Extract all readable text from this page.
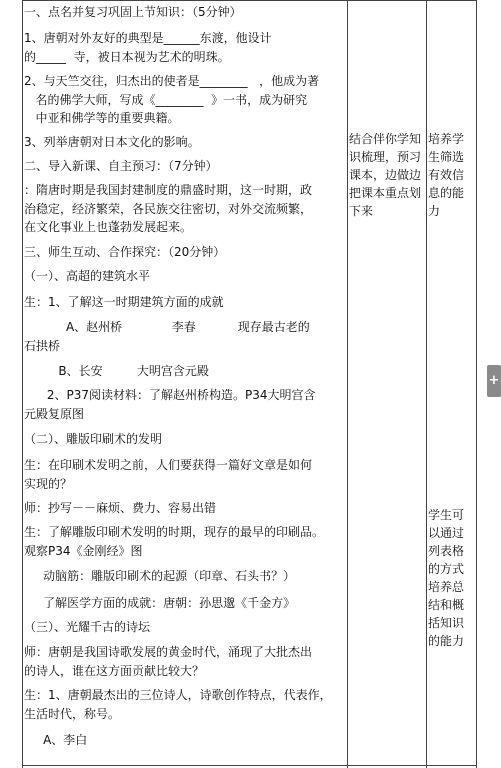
一、点名并复习巩固上节知识：（5分钟）
1、唐朝对外友好的典型是______东渡，他设计
的_____  寺，被日本视为艺术的明珠。
2、与天竺交往，归杰出的使者是________   ，他成为著
名的佛学大师，写成《________  》一书，成为研究
中亚和佛学等的重要典籍。
3、列举唐朝对日本文化的影响。
二、导入新课、自主预习：（7分钟）
：隋唐时期是我国封建制度的鼎盛时期，这一时期，政
治稳定，经济繁荣，各民族交往密切，对外交流频繁，
在文化事业上也蓬勃发展起来。
三、师生互动、合作探究：（20分钟）
（一）、高超的建筑水平
生：1、了解这一时期建筑方面的成就
A、赵州桥             李春           现存最古老的
石拱桥
B、长安         大明宫含元殿
2、P37阅读材料：了解赵州桥构造。P34大明宫含
元殿复原图
（二）、雕版印刷术的发明
生：在印刷术发明之前，人们要获得一篇好文章是如何
实现的？
师：抄写－－麻烦、费力、容易出错
生：了解雕版印刷术发明的时期，现存的最早的印刷品。
观察P34《金刚经》图
动脑筋：雕版印刷术的起源（印章、石头书？）
了解医学方面的成就：唐朝：孙思邈《千金方》
（三）、光耀千古的诗坛
师：唐朝是我国诗歌发展的黄金时代，涌现了大批杰出
的诗人，谁在这方面贡献比较大？
生：1、唐朝最杰出的三位诗人，诗歌创作特点，代表作，
生活时代，称号。
A、李白
结合伴你学知识梳理，预习课本，边做边把课本重点划下来
培养学生筛选有效信息的能力
学生可以通过列表格的方式培养总结和概括知识的能力
+
